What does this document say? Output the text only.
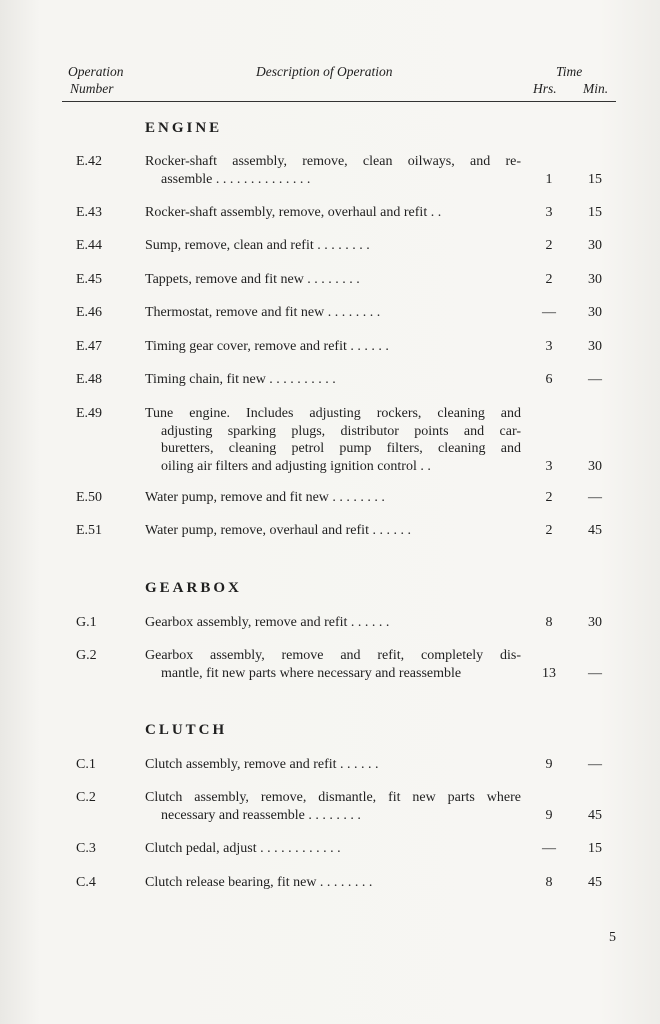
Operation
Number
Description of Operation	Time
Hrs. Min.
ENGINE
E.42	Rocker-shaft assembly, remove, clean oilways, and re-
assemble . . . . . . . . . . . . . .	1	15
E.43	Rocker-shaft assembly, remove, overhaul and refit . .	3	15
E.44	Sump, remove, clean and refit . . . . . . . .	2	30
E.45	Tappets, remove and fit new . . . . . . . .	2	30
E.46	Thermostat, remove and fit new . . . . . . . .	—	30
E.47	Timing gear cover, remove and refit . . . . . .	3	30
E.48	Timing chain, fit new . . . . . . . . . .	6	—
E.49	Tune engine. Includes adjusting rockers, cleaning and
adjusting sparking plugs, distributor points and car-
buretters, cleaning petrol pump filters, cleaning and
oiling air filters and adjusting ignition control . .	3	30
E.50	Water pump, remove and fit new . . . . . . . .	2	—
E.51	Water pump, remove, overhaul and refit . . . . . .	2	45
GEARBOX
G.1	Gearbox assembly, remove and refit . . . . . .	8	30
G.2	Gearbox assembly, remove and refit, completely dis-
mantle, fit new parts where necessary and reassemble	13	—
CLUTCH
C.1	Clutch assembly, remove and refit . . . . . .	9	—
C.2	Clutch assembly, remove, dismantle, fit new parts where
necessary and reassemble . . . . . . . .	9	45
C.3	Clutch pedal, adjust . . . . . . . . . . . .	—	15
C.4	Clutch release bearing, fit new . . . . . . . .	8	45
5
